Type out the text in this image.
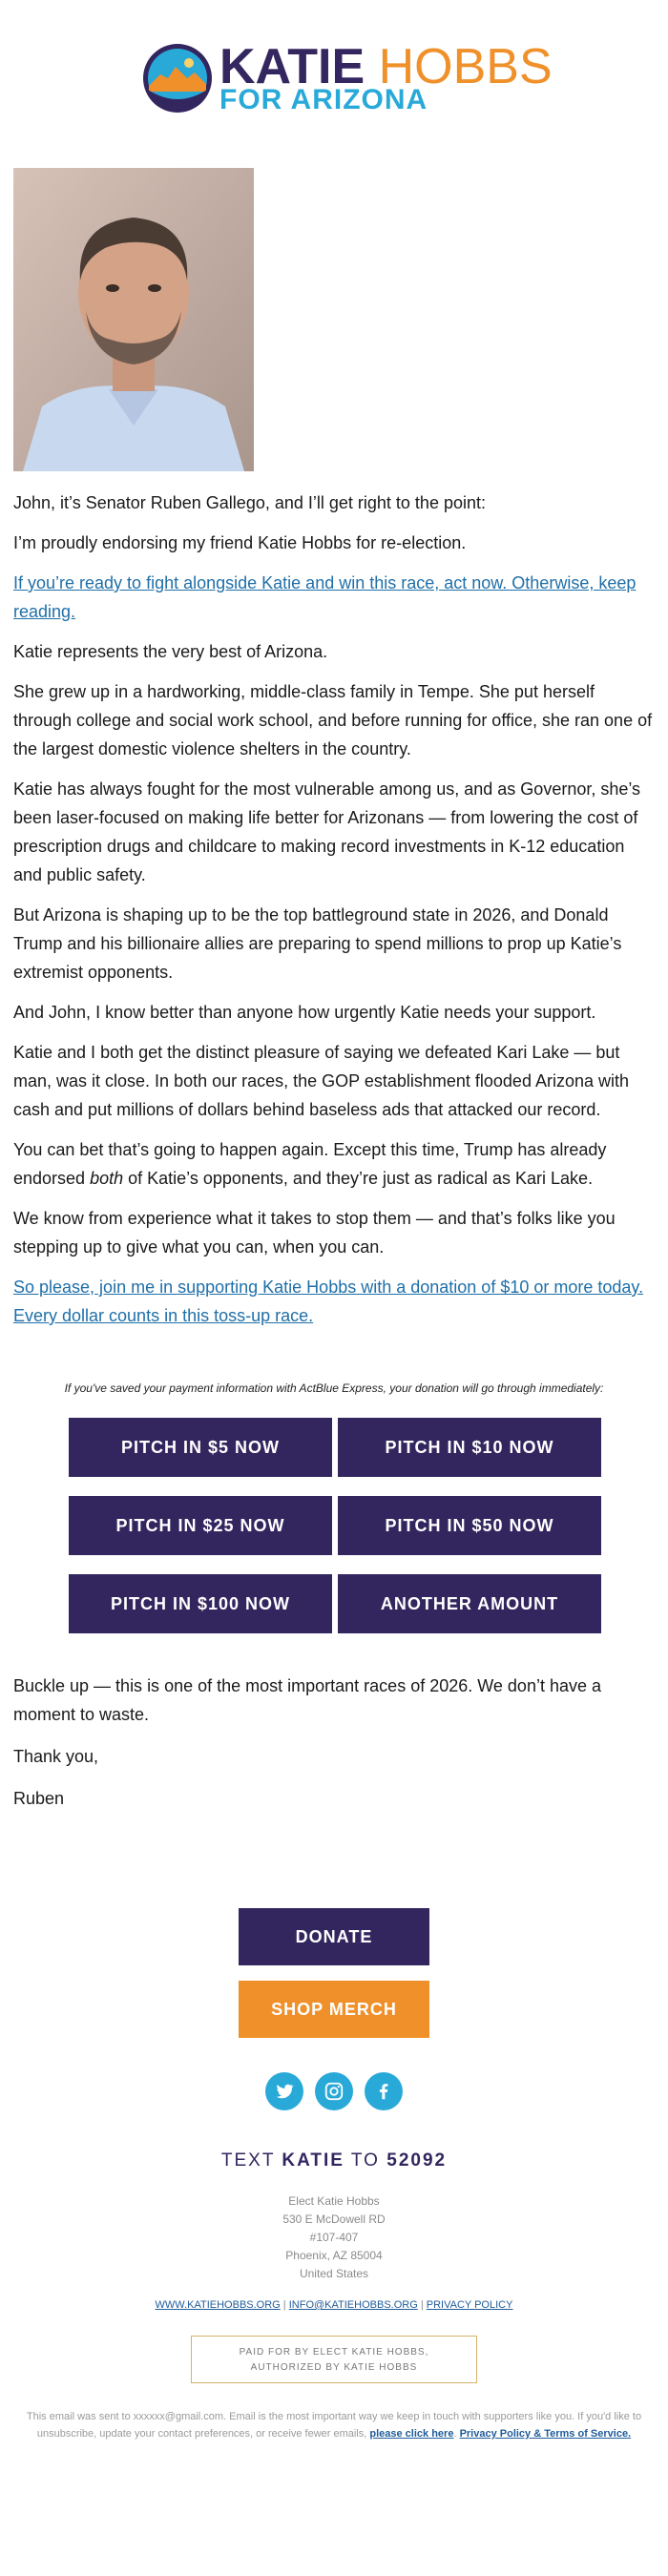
KATIE HOBBS
FOR ARIZONA

John, it’s Senator Ruben Gallego, and I’ll get right to the point:

I’m proudly endorsing my friend Katie Hobbs for re-election.

If you’re ready to fight alongside Katie and win this race, act now. Otherwise, keep reading.

Katie represents the very best of Arizona.

She grew up in a hardworking, middle-class family in Tempe. She put herself through college and social work school, and before running for office, she ran one of the largest domestic violence shelters in the country.

Katie has always fought for the most vulnerable among us, and as Governor, she’s been laser-focused on making life better for Arizonans — from lowering the cost of prescription drugs and childcare to making record investments in K-12 education and public safety.

But Arizona is shaping up to be the top battleground state in 2026, and Donald Trump and his billionaire allies are preparing to spend millions to prop up Katie’s extremist opponents.

And John, I know better than anyone how urgently Katie needs your support.

Katie and I both get the distinct pleasure of saying we defeated Kari Lake — but man, was it close. In both our races, the GOP establishment flooded Arizona with cash and put millions of dollars behind baseless ads that attacked our record.

You can bet that’s going to happen again. Except this time, Trump has already endorsed both of Katie’s opponents, and they’re just as radical as Kari Lake.

We know from experience what it takes to stop them — and that’s folks like you stepping up to give what you can, when you can.

So please, join me in supporting Katie Hobbs with a donation of $10 or more today. Every dollar counts in this toss-up race.

If you've saved your payment information with ActBlue Express, your donation will go through immediately:
PITCH IN $5 NOW	PITCH IN $10 NOW
PITCH IN $25 NOW	PITCH IN $50 NOW
PITCH IN $100 NOW	ANOTHER AMOUNT

Buckle up — this is one of the most important races of 2026. We don’t have a moment to waste.

Thank you,

Ruben

DONATE
SHOP MERCH
TEXT KATIE TO 52092
Elect Katie Hobbs
530 E McDowell RD
#107-407
Phoenix, AZ 85004
United States
WWW.KATIEHOBBS.ORG | INFO@KATIEHOBBS.ORG | PRIVACY POLICY
PAID FOR BY ELECT KATIE HOBBS,
AUTHORIZED BY KATIE HOBBS
This email was sent to xxxxxx@gmail.com. Email is the most important way we keep in touch with supporters like you. If you'd like to unsubscribe, update your contact preferences, or receive fewer emails, please click here. Privacy Policy & Terms of Service.
